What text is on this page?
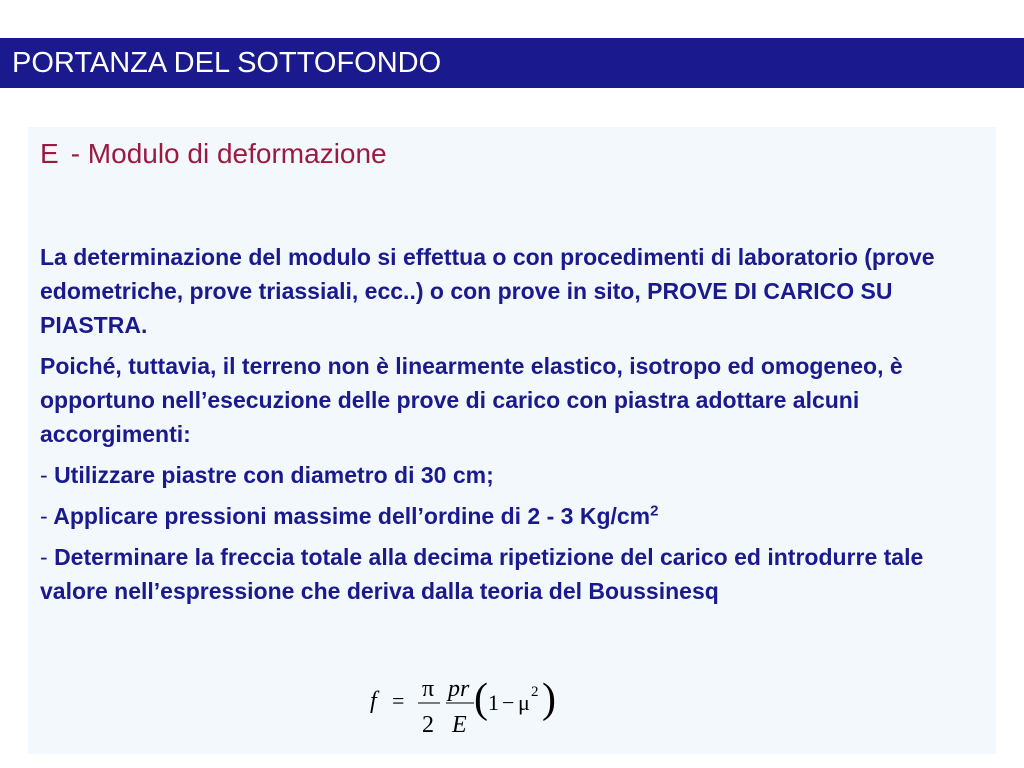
PORTANZA DEL SOTTOFONDO
E - Modulo di deformazione

La determinazione del modulo si effettua o con procedimenti di laboratorio (prove edometriche, prove triassiali, ecc..) o con prove in sito, PROVE DI CARICO SU PIASTRA.

Poiché, tuttavia, il terreno non è linearmente elastico, isotropo ed omogeneo, è opportuno nell’esecuzione delle prove di carico con piastra adottare alcuni accorgimenti:

- Utilizzare piastre con diametro di 30 cm;

- Applicare pressioni massime dell’ordine di 2 - 3 $Kg/cm^2$

- Determinare la freccia totale alla decima ripetizione del carico ed introdurre tale valore nell’espressione che deriva dalla teoria del Boussinesq

f = π
2
pr
E
( 1 − μ 2 )
